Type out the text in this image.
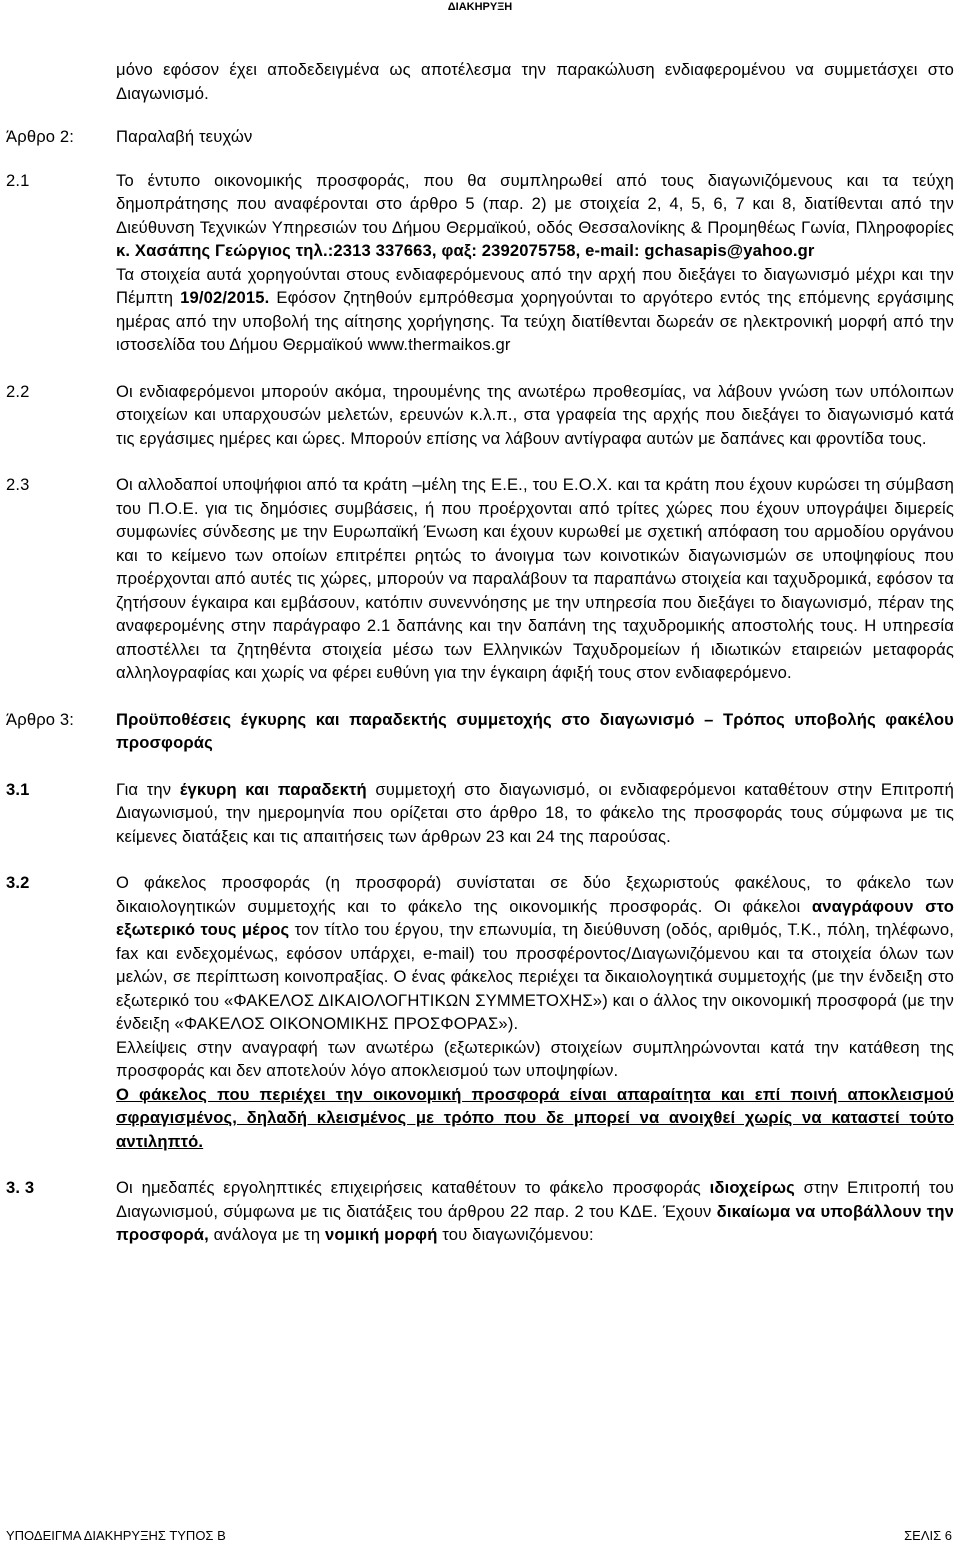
ΔΙΑΚΗΡΥΞΗ
μόνο εφόσον έχει αποδεδειγμένα ως αποτέλεσμα την παρακώλυση ενδιαφερομένου να συμμετάσχει στο Διαγωνισμό.
Άρθρο 2:	Παραλαβή τευχών
2.1	Το έντυπο οικονομικής προσφοράς, που θα συμπληρωθεί από τους διαγωνιζόμενους και τα τεύχη δημοπράτησης που αναφέρονται στο άρθρο 5 (παρ. 2) με στοιχεία 2, 4, 5, 6, 7 και 8, διατίθενται από την Διεύθυνση Τεχνικών Υπηρεσιών του Δήμου Θερμαϊκού, οδός Θεσσαλονίκης & Προμηθέως Γωνία, Πληροφορίες κ. Χασάπης Γεώργιος τηλ.:2313 337663, φαξ: 2392075758, e-mail: gchasapis@yahoo.gr

Τα στοιχεία αυτά χορηγούνται στους ενδιαφερόμενους από την αρχή που διεξάγει το διαγωνισμό μέχρι και την Πέμπτη 19/02/2015. Εφόσον ζητηθούν εμπρόθεσμα χορηγούνται το αργότερο εντός της επόμενης εργάσιμης ημέρας από την υποβολή της αίτησης χορήγησης. Τα τεύχη διατίθενται δωρεάν σε ηλεκτρονική μορφή από την ιστοσελίδα του Δήμου Θερμαϊκού www.thermaikos.gr

2.2	Οι ενδιαφερόμενοι μπορούν ακόμα, τηρουμένης της ανωτέρω προθεσμίας, να λάβουν γνώση των υπόλοιπων στοιχείων και υπαρχουσών μελετών, ερευνών κ.λ.π., στα γραφεία της αρχής που διεξάγει το διαγωνισμό κατά τις εργάσιμες ημέρες και ώρες. Μπορούν επίσης να λάβουν αντίγραφα αυτών με δαπάνες και φροντίδα τους.
2.3	Οι αλλοδαποί υποψήφιοι από τα κράτη –μέλη της Ε.Ε., του Ε.Ο.Χ. και τα κράτη που έχουν κυρώσει τη σύμβαση του Π.Ο.Ε. για τις δημόσιες συμβάσεις, ή που προέρχονται από τρίτες χώρες που έχουν υπογράψει διμερείς συμφωνίες σύνδεσης με την Ευρωπαϊκή Ένωση και έχουν κυρωθεί με σχετική απόφαση του αρμοδίου οργάνου και το κείμενο των οποίων επιτρέπει ρητώς το άνοιγμα των κοινοτικών διαγωνισμών σε υποψηφίους που προέρχονται από αυτές τις χώρες, μπορούν να παραλάβουν τα παραπάνω στοιχεία και ταχυδρομικά, εφόσον τα ζητήσουν έγκαιρα και εμβάσουν, κατόπιν συνεννόησης με την υπηρεσία που διεξάγει το διαγωνισμό, πέραν της αναφερομένης στην παράγραφο 2.1 δαπάνης και την δαπάνη της ταχυδρομικής αποστολής τους. Η υπηρεσία αποστέλλει τα ζητηθέντα στοιχεία μέσω των Ελληνικών Ταχυδρομείων ή ιδιωτικών εταιρειών μεταφοράς αλληλογραφίας και χωρίς να φέρει ευθύνη για την έγκαιρη άφιξή τους στον ενδιαφερόμενο.
Άρθρο 3:	Προϋποθέσεις έγκυρης και παραδεκτής συμμετοχής στο διαγωνισμό – Τρόπος υποβολής φακέλου προσφοράς
3.1	Για την έγκυρη και παραδεκτή συμμετοχή στο διαγωνισμό, οι ενδιαφερόμενοι καταθέτουν στην Επιτροπή Διαγωνισμού, την ημερομηνία που ορίζεται στο άρθρο 18, το φάκελο της προσφοράς τους σύμφωνα με τις κείμενες διατάξεις και τις απαιτήσεις των άρθρων 23 και 24 της παρούσας.
3.2	Ο φάκελος προσφοράς (η προσφορά) συνίσταται σε δύο ξεχωριστούς φακέλους, το φάκελο των δικαιολογητικών συμμετοχής και το φάκελο της οικονομικής προσφοράς. Οι φάκελοι αναγράφουν στο εξωτερικό τους μέρος τον τίτλο του έργου, την επωνυμία, τη διεύθυνση (οδός, αριθμός, Τ.Κ., πόλη, τηλέφωνο, fax και ενδεχομένως, εφόσον υπάρχει, e-mail) του προσφέροντος/Διαγωνιζόμενου και τα στοιχεία όλων των μελών, σε περίπτωση κοινοπραξίας. Ο ένας φάκελος περιέχει τα δικαιολογητικά συμμετοχής (με την ένδειξη στο εξωτερικό του «ΦΑΚΕΛΟΣ ΔΙΚΑΙΟΛΟΓΗΤΙΚΩΝ ΣΥΜΜΕΤΟΧΗΣ») και ο άλλος την οικονομική προσφορά (με την ένδειξη «ΦΑΚΕΛΟΣ ΟΙΚΟΝΟΜΙΚΗΣ ΠΡΟΣΦΟΡΑΣ»).

Ελλείψεις στην αναγραφή των ανωτέρω (εξωτερικών) στοιχείων συμπληρώνονται κατά την κατάθεση της προσφοράς και δεν αποτελούν λόγο αποκλεισμού των υποψηφίων.

Ο φάκελος που περιέχει την οικονομική προσφορά είναι απαραίτητα και επί ποινή αποκλεισμού σφραγισμένος, δηλαδή κλεισμένος με τρόπο που δε μπορεί να ανοιχθεί χωρίς να καταστεί τούτο αντιληπτό.

3. 3	Οι ημεδαπές εργοληπτικές επιχειρήσεις καταθέτουν το φάκελο προσφοράς ιδιοχείρως στην Επιτροπή του Διαγωνισμού, σύμφωνα με τις διατάξεις του άρθρου 22 παρ. 2 του ΚΔΕ. Έχουν δικαίωμα να υποβάλλουν την προσφορά, ανάλογα με τη νομική μορφή του διαγωνιζόμενου:
ΥΠΟΔΕΙΓΜΑ ΔΙΑΚΗΡΥΞΗΣ ΤΥΠΟΣ Β	ΣΕΛΙΣ 6
